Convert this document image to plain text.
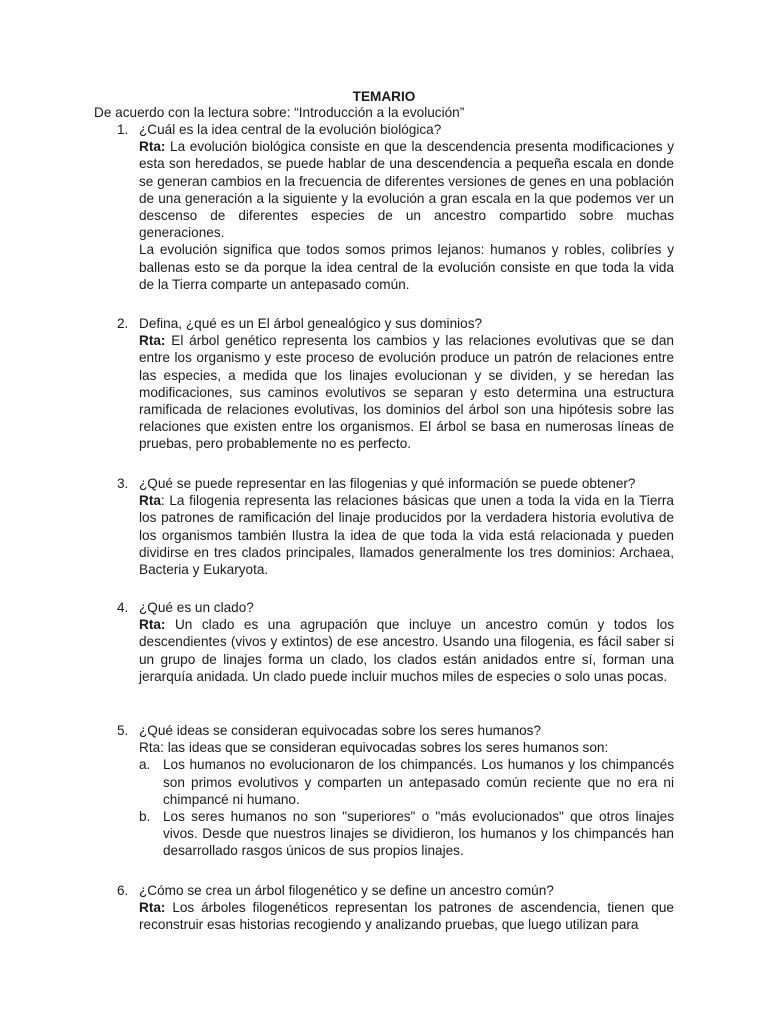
TEMARIO
De acuerdo con la lectura sobre: “Introducción a la evolución”
1. ¿Cuál es la idea central de la evolución biológica?

Rta: La evolución biológica consiste en que la descendencia presenta modificaciones y esta son heredados, se puede hablar de una descendencia a pequeña escala en donde se generan cambios en la frecuencia de diferentes versiones de genes en una población de una generación a la siguiente y la evolución a gran escala en la que podemos ver un descenso de diferentes especies de un ancestro compartido sobre muchas generaciones.

La evolución significa que todos somos primos lejanos: humanos y robles, colibríes y ballenas esto se da porque la idea central de la evolución consiste en que toda la vida de la Tierra comparte un antepasado común.

2. Defina, ¿qué es un El árbol genealógico y sus dominios?

Rta: El árbol genético representa los cambios y las relaciones evolutivas que se dan entre los organismo y este proceso de evolución produce un patrón de relaciones entre las especies, a medida que los linajes evolucionan y se dividen, y se heredan las modificaciones, sus caminos evolutivos se separan y esto determina una estructura ramificada de relaciones evolutivas, los dominios del árbol son una hipótesis sobre las relaciones que existen entre los organismos. El árbol se basa en numerosas líneas de pruebas, pero probablemente no es perfecto.

3. ¿Qué se puede representar en las filogenias y qué información se puede obtener?

Rta: La filogenia representa las relaciones básicas que unen a toda la vida en la Tierra los patrones de ramificación del linaje producidos por la verdadera historia evolutiva de los organismos también Ilustra la idea de que toda la vida está relacionada y pueden dividirse en tres clados principales, llamados generalmente los tres dominios: Archaea, Bacteria y Eukaryota.

4. ¿Qué es un clado?

Rta: Un clado es una agrupación que incluye un ancestro común y todos los descendientes (vivos y extintos) de ese ancestro. Usando una filogenia, es fácil saber si un grupo de linajes forma un clado, los clados están anidados entre sí, forman una jerarquía anidada. Un clado puede incluir muchos miles de especies o solo unas pocas.

5. ¿Qué ideas se consideran equivocadas sobre los seres humanos?

Rta: las ideas que se consideran equivocadas sobres los seres humanos son:

a. Los humanos no evolucionaron de los chimpancés. Los humanos y los chimpancés son primos evolutivos y comparten un antepasado común reciente que no era ni chimpancé ni humano.
b. Los seres humanos no son "superiores" o "más evolucionados" que otros linajes vivos. Desde que nuestros linajes se dividieron, los humanos y los chimpancés han desarrollado rasgos únicos de sus propios linajes.
6. ¿Cómo se crea un árbol filogenético y se define un ancestro común?

Rta: Los árboles filogenéticos representan los patrones de ascendencia, tienen que reconstruir esas historias recogiendo y analizando pruebas, que luego utilizan para
